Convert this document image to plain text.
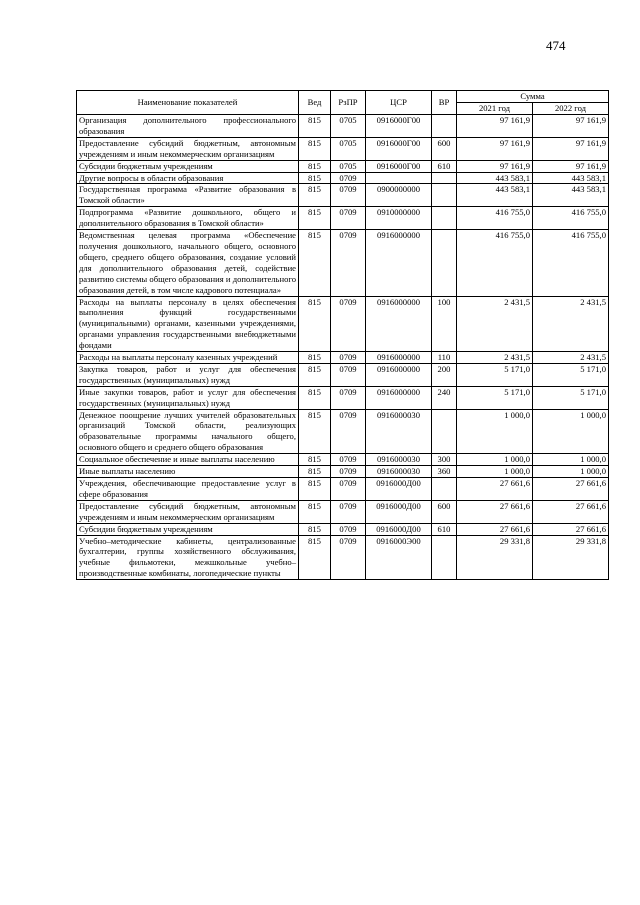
474
Наименование показателей	Вед	РзПР	ЦСР	ВР	Сумма	
					2021 год	2022 год
Организация дополнительного профессионального образования	815	0705	0916000Г00		97 161,9	97 161,9
Предоставление субсидий бюджетным, автономным учреждениям и иным некоммерческим организациям	815	0705	0916000Г00	600	97 161,9	97 161,9
Субсидии бюджетным учреждениям	815	0705	0916000Г00	610	97 161,9	97 161,9
Другие вопросы в области образования	815	0709			443 583,1	443 583,1
Государственная программа «Развитие образования в Томской области»	815	0709	0900000000		443 583,1	443 583,1
Подпрограмма «Развитие дошкольного, общего и дополнительного образования в Томской области»	815	0709	0910000000		416 755,0	416 755,0
Ведомственная целевая программа «Обеспечение получения дошкольного, начального общего, основного общего, среднего общего образования, создание условий для дополнительного образования детей, содействие развитию системы общего образования и дополнительного образования детей, в том числе кадрового потенциала»	815	0709	0916000000		416 755,0	416 755,0
Расходы на выплаты персоналу в целях обеспечения выполнения функций государственными (муниципальными) органами, казенными учреждениями, органами управления государственными внебюджетными фондами	815	0709	0916000000	100	2 431,5	2 431,5
Расходы на выплаты персоналу казенных учреждений	815	0709	0916000000	110	2 431,5	2 431,5
Закупка товаров, работ и услуг для обеспечения государственных (муниципальных) нужд	815	0709	0916000000	200	5 171,0	5 171,0
Иные закупки товаров, работ и услуг для обеспечения государственных (муниципальных) нужд	815	0709	0916000000	240	5 171,0	5 171,0
Денежное поощрение лучших учителей образовательных организаций Томской области, реализующих образовательные программы начального общего, основного общего и среднего общего образования	815	0709	0916000030		1 000,0	1 000,0
Социальное обеспечение и иные выплаты населению	815	0709	0916000030	300	1 000,0	1 000,0
Иные выплаты населению	815	0709	0916000030	360	1 000,0	1 000,0
Учреждения, обеспечивающие предоставление услуг в сфере образования	815	0709	0916000Д00		27 661,6	27 661,6
Предоставление субсидий бюджетным, автономным учреждениям и иным некоммерческим организациям	815	0709	0916000Д00	600	27 661,6	27 661,6
Субсидии бюджетным учреждениям	815	0709	0916000Д00	610	27 661,6	27 661,6
Учебно–методические кабинеты, централизованные бухгалтерии, группы хозяйственного обслуживания, учебные фильмотеки, межшкольные учебно–производственные комбинаты, логопедические пункты	815	0709	0916000Э00		29 331,8	29 331,8
